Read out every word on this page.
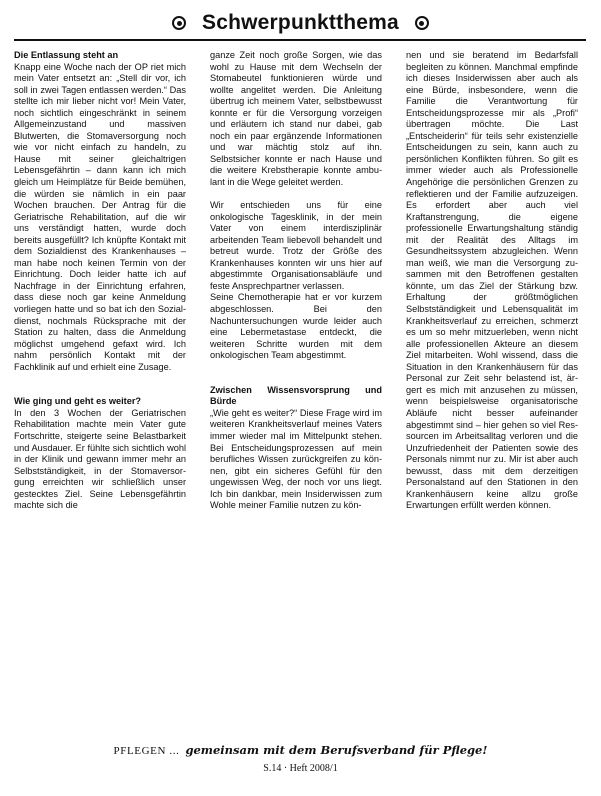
Schwerpunktthema
Die Entlassung steht an

Knapp eine Woche nach der OP riet mich mein Vater entsetzt an: „Stell dir vor, ich soll in zwei Tagen entlassen werden.“ Das stellte ich mir lieber nicht vor! Mein Vater, noch sichtlich eingeschränkt in seinem Allgemeinzustand und massiven Blutwerten, die Stomaversorgung noch wie vor nicht einfach zu handeln, zu Hause mit seiner gleichaltrigen Lebensgefährtin – dann kann ich mich gleich um Heimplätze für Beide bemühen, die würden sie nämlich in ein paar Wochen brauchen. Der Antrag für die Geriatrische Rehabilitation, auf die wir uns verständigt hatten, wurde doch bereits ausgefüllt? Ich knüpfte Kontakt mit dem Sozialdienst des Krankenhauses – man habe noch keinen Termin von der Einrichtung. Doch leider hatte ich auf Nachfrage in der Einrichtung erfahren, dass diese noch gar keine Anmeldung vorliegen hatte und so bat ich den Sozialdienst, nochmals Rücksprache mit der Station zu halten, dass die Anmeldung möglichst umgehend gefaxt wird. Ich nahm persönlich Kontakt mit der Fachklinik auf und erhielt eine Zusage.

Wie ging und geht es weiter?

In den 3 Wochen der Geriatrischen Rehabilitation machte mein Vater gute Fortschritte, steigerte seine Belastbarkeit und Ausdauer. Er fühlte sich sichtlich wohl in der Klinik und gewann immer mehr an Selbstständigkeit, in der Stomaversorgung erreichten wir schließlich unser gestecktes Ziel. Seine Lebensgefährtin machte sich die

ganze Zeit noch große Sorgen, wie das wohl zu Hause mit dem Wechseln der Stomabeutel funktionieren würde und wollte angelitet werden. Die Anleitung übertrug ich meinem Vater, selbstbewusst konnte er für die Versorgung vorzeigen und erläutern ich stand nur dabei, gab noch ein paar ergänzende Informationen und war mächtig stolz auf ihn. Selbstsicher konnte er nach Hause und die weitere Krebstherapie konnte ambulant in die Wege geleitet werden.

Wir entschieden uns für eine onkologische Tagesklinik, in der mein Vater von einem interdisziplinär arbeitenden Team liebevoll behandelt und betreut wurde. Trotz der Größe des Krankenhauses konnten wir uns hier auf abgestimmte Organisationsabläufe und feste Ansprechpartner verlassen.

Seine Chemotherapie hat er vor kurzem abgeschlossen. Bei den Nachuntersuchungen wurde leider auch eine Lebermetastase entdeckt, die weiteren Schritte wurden mit dem onkologischen Team abgestimmt.

Zwischen Wissensvorsprung und Bürde

„Wie geht es weiter?“ Diese Frage wird im weiteren Krankheitsverlauf meines Vaters immer wieder mal im Mittelpunkt stehen. Bei Entscheidungsprozessen auf mein berufliches Wissen zurückgreifen zu können, gibt ein sicheres Gefühl für den ungewissen Weg, der noch vor uns liegt. Ich bin dankbar, mein Insiderwissen zum Wohle meiner Familie nutzen zu kön-

nen und sie beratend im Bedarfsfall begleiten zu können. Manchmal empfinde ich dieses Insiderwissen aber auch als eine Bürde, insbesondere, wenn die Familie die Verantwortung für Entscheidungsprozesse mir als „Profi“ übertragen möchte. Die Last „Entscheiderin“ für teils sehr existenzielle Entscheidungen zu sein, kann auch zu persönlichen Konflikten führen. So gilt es immer wieder auch als Professionelle Angehörige die persönlichen Grenzen zu reflektieren und der Familie aufzuzeigen. Es erfordert aber auch viel Kraftanstrengung, die eigene professionelle Erwartungshaltung ständig mit der Realität des Alltags im Gesundheitssystem abzugleichen. Wenn man weiß, wie man die Versorgung zusammen mit den Betroffenen gestalten könnte, um das Ziel der Stärkung bzw. Erhaltung der größtmöglichen Selbstständigkeit und Lebensqualität im Krankheitsverlauf zu erreichen, schmerzt es um so mehr mitzuerleben, wenn nicht alle professionellen Akteure an diesem Ziel mitarbeiten. Wohl wissend, dass die Situation in den Krankenhäusern für das Personal zur Zeit sehr belastend ist, ärgert es mich mit anzusehen zu müssen, wenn beispielsweise organisatorische Abläufe nicht besser aufeinander abgestimmt sind – hier gehen so viel Ressourcen im Arbeitsalltag verloren und die Unzufriedenheit der Patienten sowie des Personals nimmt nur zu. Mir ist aber auch bewusst, dass mit dem derzeitigen Personalstand auf den Stationen in den Krankenhäusern keine allzu große Erwartungen erfüllt werden können.

PFLEGEN ... gemeinsam mit dem Berufsverband für Pflege!
S.14 · Heft 2008/1
